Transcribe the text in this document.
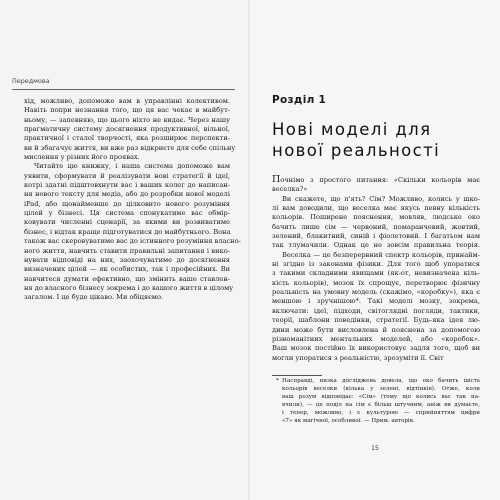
Передмова
хід, можливо, допоможе вам в управлінні колективом.
Навіть попри незнання того, що ця вас чекає в майбут-
ньому, — запевняю, що цього ніхто не видає. Через нашу
прагматичну систему досягнення продуктивної, вільної,
практичної і сталої творчості, яка розширює перспекти-
ви й збагачує життя, ви вже раз відкриєте для себе спільну
мислення у різних його проявах.
Читайте цю книжку, і наша система допоможе вам
уявити, сформувати й реалізувати нові стратегії й ідеї,
котрі здатні підштовхнути вас і ваших колег до написан-
ня нового тексту для медіа, або до розробки нової моделі
iPad, або щонайменше до цілковито нового розуміння
цілей у бізнесі. Ця система спонукатиме вас обмір-
ковувати численні сценарії, за якими ви розвиватиме
бізнес, і відтак краще підготуватися до майбутнього. Вона
також вас скеровуватиме вас до істинного розуміння власно-
ного життя, навчить ставити правильні запитання і вико-
нувати відповіді на них, заохочуватиме до досягнення
визначених цілей — як особистих, так і професійних. Ви
навчитеся думати ефективно, що змінить ваше ставлен-
ня до власного бізнесу зокрема і до вашого життя в цілому
загалом. І це буде цікаво. Ми обіцяємо.
Розділ 1
Нові моделі для
нової реальності
Почнімо з простого питання: «Скільки кольорів має
веселка?»
Ви скажете, що п'ять? Сім? Можливо, колись у шко-
лі вам доводили, що веселка має якусь певну кількість
кольорів. Поширене пояснення, мовляв, людське око
бачить лише сім — червоний, помаранчевий, жовтий,
зелений, блакитний, синій і фіолетовий. І багатьом нам
так тлумачили. Однак це не зовсім правильна теорія.
Веселка — це безперервний спектр кольорів, принайм-
ні згідно із законами фізики. Для того щоб упоратися
з такими складними явищами (як-от, невизначена кіль-
кість кольорів), мозок їх спрощує, перетворює фізичну
реальність на умовну модель (скажімо, «коробку»), яка є
меншою і зручнішою*. Такі моделі мозку, зокрема,
включати: ідеї, підходи, світоглядні погляди, тактики,
теорії, шаблони поведінки, стратегії. Будь-яка ідея лю-
дини може бути висловлена й пояснена за допомогою
різноманітних ментальних моделей, або «коробок».
Ваш мозок постійно їх використовує задля того, щоб ви
могли упоратися з реальністю, зрозуміти її. Світ
* Насправді, низка досліджень довела, що око бачить шість
кольорів веселки (кілька у зелені, відтінків). Отже, коли
ваш розум відповідає: «Сім» (тому що колись вас так на-
вчили), — це поділ на сім є більш штучним, аніж ви думаєте,
і тепер, можливо, і є культурою — сприйняттям цифри
«7» як магічної, особливої. — Прим. авторів.
15
